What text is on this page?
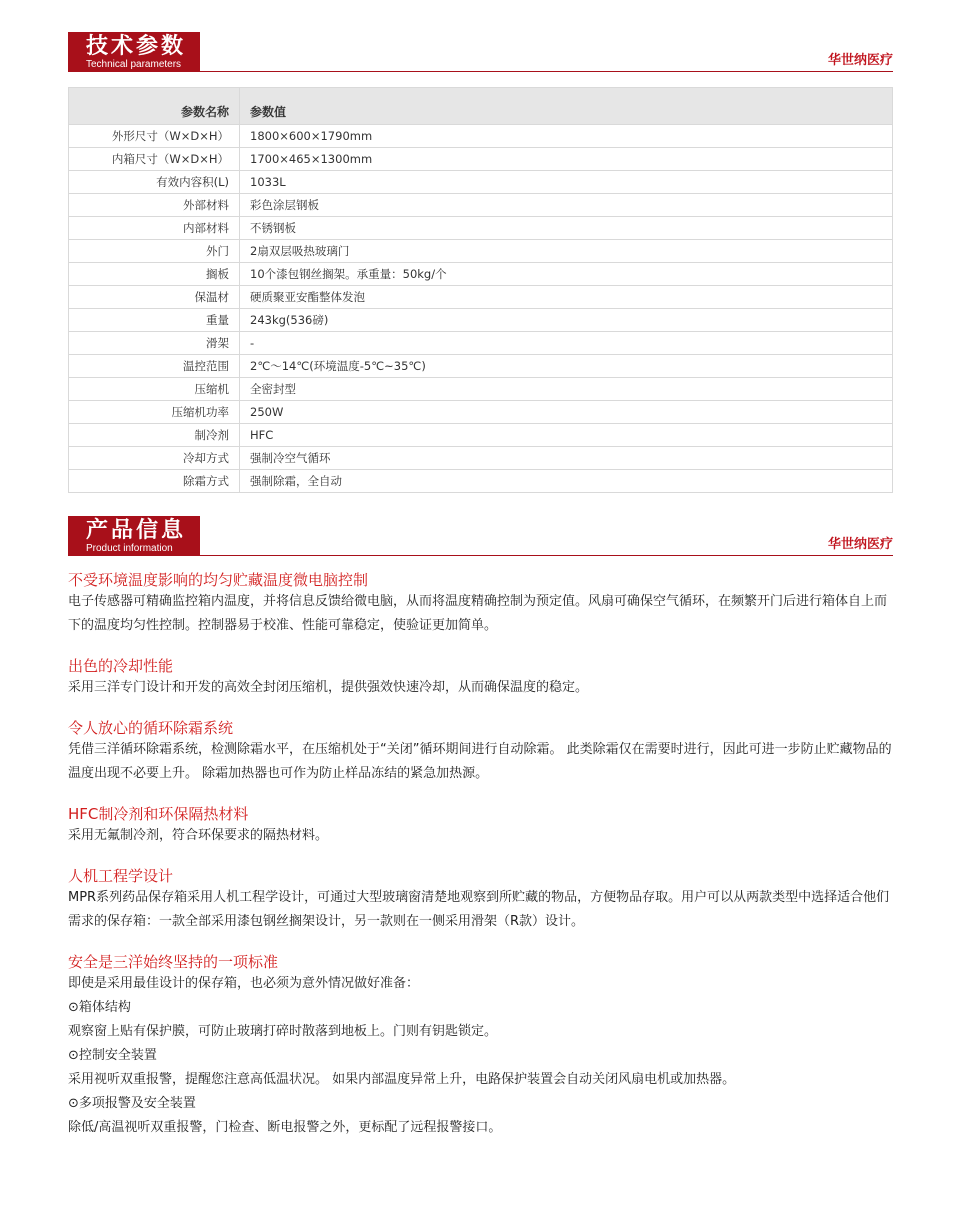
技术参数
Technical parameters	华世纳医疗
参数名称	参数值
外形尺寸（W×D×H）	1800×600×1790mm
内箱尺寸（W×D×H）	1700×465×1300mm
有效内容积(L)	1033L
外部材料	彩色涂层钢板
内部材料	不锈钢板
外门	2扇双层吸热玻璃门
搁板	10个漆包钢丝搁架。承重量：50kg/个
保温材	硬质聚亚安酯整体发泡
重量	243kg(536磅)
滑架	-
温控范围	2℃～14℃(环境温度-5℃~35℃)
压缩机	全密封型
压缩机功率	250W
制冷剂	HFC
冷却方式	强制冷空气循环
除霜方式	强制除霜，全自动
产品信息
Product information	华世纳医疗
不受环境温度影响的均匀贮藏温度微电脑控制

电子传感器可精确监控箱内温度，并将信息反馈给微电脑，从而将温度精确控制为预定值。风扇可确保空气循环，在频繁开门后进行箱体自上而下的温度均匀性控制。控制器易于校准、性能可靠稳定，使验证更加简单。

出色的冷却性能

采用三洋专门设计和开发的高效全封闭压缩机，提供强效快速冷却，从而确保温度的稳定。

令人放心的循环除霜系统

凭借三洋循环除霜系统，检测除霜水平，在压缩机处于“关闭”循环期间进行自动除霜。 此类除霜仅在需要时进行，因此可进一步防止贮藏物品的温度出现不必要上升。 除霜加热器也可作为防止样品冻结的紧急加热源。

HFC制冷剂和环保隔热材料

采用无氟制冷剂，符合环保要求的隔热材料。

人机工程学设计

MPR系列药品保存箱采用人机工程学设计，可通过大型玻璃窗清楚地观察到所贮藏的物品，方便物品存取。用户可以从两款类型中选择适合他们需求的保存箱：一款全部采用漆包钢丝搁架设计，另一款则在一侧采用滑架（R款）设计。

安全是三洋始终坚持的一项标准

即使是采用最佳设计的保存箱，也必须为意外情况做好准备：

⊙箱体结构

观察窗上贴有保护膜，可防止玻璃打碎时散落到地板上。门则有钥匙锁定。

⊙控制安全装置

采用视听双重报警，提醒您注意高低温状况。 如果内部温度异常上升，电路保护装置会自动关闭风扇电机或加热器。

⊙多项报警及安全装置

除低/高温视听双重报警，门检查、断电报警之外，更标配了远程报警接口。
